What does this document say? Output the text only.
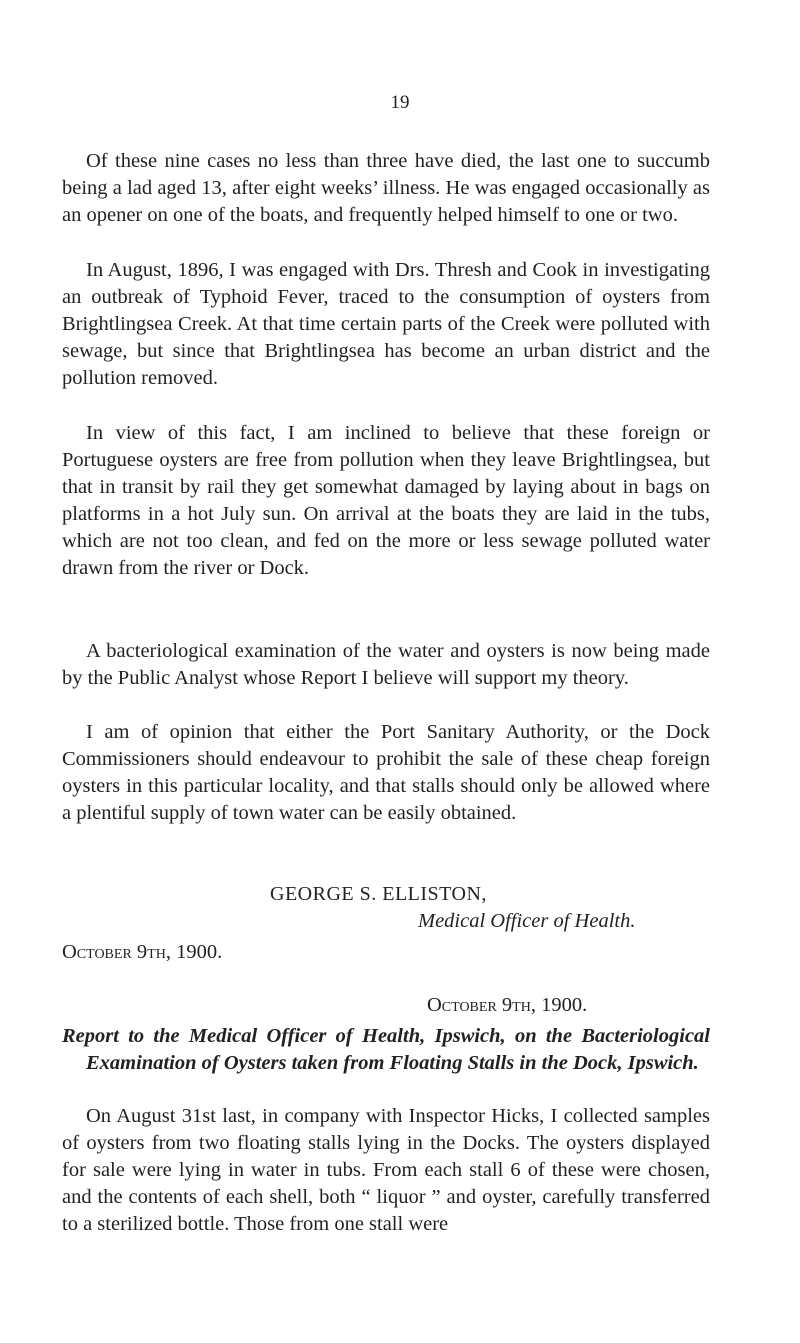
19

Of these nine cases no less than three have died, the last one to succumb being a lad aged 13, after eight weeks’ illness. He was engaged occasionally as an opener on one of the boats, and frequently helped himself to one or two.

In August, 1896, I was engaged with Drs. Thresh and Cook in investigating an outbreak of Typhoid Fever, traced to the consumption of oysters from Brightlingsea Creek. At that time certain parts of the Creek were polluted with sewage, but since that Brightlingsea has become an urban district and the pollution removed.

In view of this fact, I am inclined to believe that these foreign or Portuguese oysters are free from pollution when they leave Brightlingsea, but that in transit by rail they get somewhat damaged by laying about in bags on platforms in a hot July sun. On arrival at the boats they are laid in the tubs, which are not too clean, and fed on the more or less sewage polluted water drawn from the river or Dock.

A bacteriological examination of the water and oysters is now being made by the Public Analyst whose Report I believe will support my theory.

I am of opinion that either the Port Sanitary Authority, or the Dock Commissioners should endeavour to prohibit the sale of these cheap foreign oysters in this particular locality, and that stalls should only be allowed where a plentiful supply of town water can be easily obtained.

GEORGE S. ELLISTON,
Medical Officer of Health.
October 9th, 1900.
October 9th, 1900.
Report to the Medical Officer of Health, Ipswich, on the Bacteriological Examination of Oysters taken from Floating Stalls in the Dock, Ipswich.

On August 31st last, in company with Inspector Hicks, I collected samples of oysters from two floating stalls lying in the Docks. The oysters displayed for sale were lying in water in tubs. From each stall 6 of these were chosen, and the contents of each shell, both “ liquor ” and oyster, carefully transferred to a sterilized bottle. Those from one stall were
